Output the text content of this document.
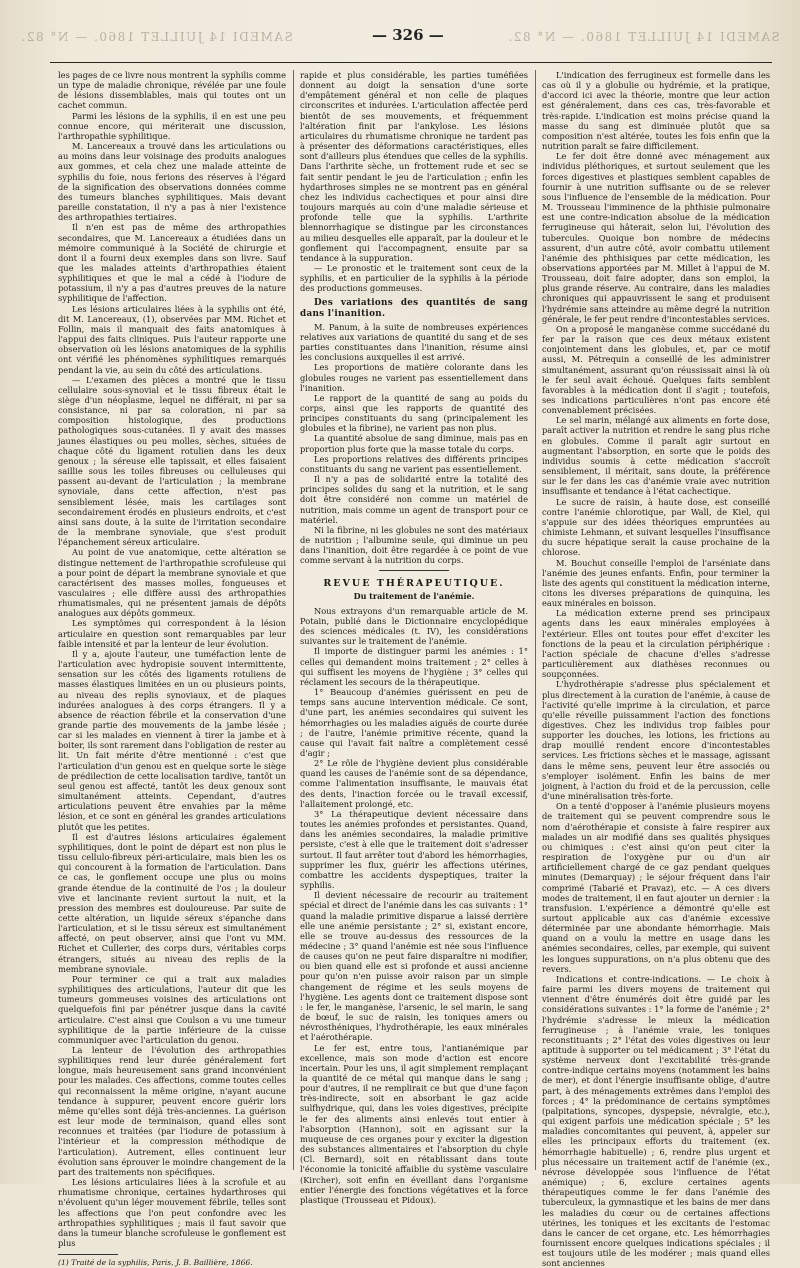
SAMEDI 14 JUILLET 1860. — N° 82.	— 326 —	SAMEDI 14 JUILLET 1860. — N° 82.

les pages de ce livre nous montrent la syphilis comme un type de maladie chronique, révélée par une foule de lésions dissemblables, mais qui toutes ont un cachet commun.

Parmi les lésions de la syphilis, il en est une peu connue encore, qui mériterait une discussion, l'arthropathie syphilitique.

M. Lancereaux a trouvé dans les articulations ou au moins dans leur voisinage des produits analogues aux gommes, et cela chez une malade atteinte de syphilis du foie, nous ferions des réserves à l'égard de la signification des observations données comme des tumeurs blanches syphilitiques. Mais devant pareille constatation, il n'y a pas à nier l'existence des arthropathies tertiaires.

Il n'en est pas de même des arthropathies secondaires, que M. Lancereaux a étudiées dans un mémoire communiqué à la Société de chirurgie et dont il a fourni deux exemples dans son livre. Sauf que les malades atteints d'arthropathies étaient syphilitiques et que le mal a cédé à l'iodure de potassium, il n'y a pas d'autres preuves de la nature syphilitique de l'affection.

Les lésions articulaires liées à la syphilis ont été, dit M. Lancereaux, (1), observées par MM. Richet et Follin, mais il manquait des faits anatomiques à l'appui des faits cliniques. Puis l'auteur rapporte une observation où les lésions anatomiques de la syphilis ont vérifié les phénomènes syphilitiques remarqués pendant la vie, au sein du côté des articulations.

— L'examen des pièces a montré que le tissu cellulaire sous-synovial et le tissu fibreux était le siège d'un néoplasme, lequel ne différait, ni par sa consistance, ni par sa coloration, ni par sa composition histologique, des productions pathologiques sous-cutanées. Il y avait des masses jaunes élastiques ou peu molles, sèches, situées de chaque côté du ligament rotulien dans les deux genoux ; la séreuse elle tapissait, et elles faisaient saillie sous les toiles fibreuses ou celluleuses qui passent au-devant de l'articulation ; la membrane synoviale, dans cette affection, n'est pas sensiblement lésée, mais les cartilages sont secondairement érodés en plusieurs endroits, et c'est ainsi sans doute, à la suite de l'irritation secondaire de la membrane synoviale, que s'est produit l'épanchement séreux articulaire.

Au point de vue anatomique, cette altération se distingue nettement de l'arthropathie scrofuleuse qui a pour point de départ la membrane synoviale et que caractérisent des masses molles, fongueuses et vasculaires ; elle diffère aussi des arthropathies rhumatismales, qui ne présentent jamais de dépôts analogues aux dépôts gommeux.

Les symptômes qui correspondent à la lésion articulaire en question sont remarquables par leur faible intensité et par la lenteur de leur évolution.

Il y a, ajoute l'auteur, une tuméfaction lente de l'articulation avec hydropisie souvent intermittente, sensation sur les côtés des ligaments rotuliens de masses élastiques limitées en un ou plusieurs points, au niveau des replis synoviaux, et de plaques indurées analogues à des corps étrangers. Il y a absence de réaction fébrile et la conservation d'une grande partie des mouvements de la jambe lésée ; car si les malades en viennent à tirer la jambe et à boiter, ils sont rarement dans l'obligation de rester au lit. Un fait mérite d'être mentionné : c'est que l'articulation d'un genou est en quelque sorte le siège de prédilection de cette localisation tardive, tantôt un seul genou est affecté, tantôt les deux genoux sont simultanément atteints. Cependant, d'autres articulations peuvent être envahies par la même lésion, et ce sont en général les grandes articulations plutôt que les petites.

Il est d'autres lésions articulaires également syphilitiques, dont le point de départ est non plus le tissu cellulo-fibreux péri-articulaire, mais bien les os qui concourent à la formation de l'articulation. Dans ce cas, le gonflement occupe une plus ou moins grande étendue de la continuité de l'os ; la douleur vive et lancinante revient surtout la nuit, et la pression des membres est douloureuse. Par suite de cette altération, un liquide séreux s'épanche dans l'articulation, et si le tissu séreux est simultanément affecté, on peut observer, ainsi que l'ont vu MM. Richet et Cullerier, des corps durs, véritables corps étrangers, situés au niveau des replis de la membrane synoviale.

Pour terminer ce qui a trait aux maladies syphilitiques des articulations, l'auteur dit que les tumeurs gommeuses voisines des articulations ont quelquefois fini par pénétrer jusque dans la cavité articulaire. C'est ainsi que Coulson a vu une tumeur syphilitique de la partie inférieure de la cuisse communiquer avec l'articulation du genou.

La lenteur de l'évolution des arthropathies syphilitiques rend leur durée généralement fort longue, mais heureusement sans grand inconvénient pour les malades. Ces affections, comme toutes celles qui reconnaissent la même origine, n'ayant aucune tendance à suppurer, peuvent encore guérir lors même qu'elles sont déjà très-anciennes. La guérison est leur mode de terminaison, quand elles sont reconnues et traitées (par l'iodure de potassium à l'intérieur et la compression méthodique de l'articulation). Autrement, elles continuent leur évolution sans éprouver le moindre changement de la part des traitements non spécifiques.

Les lésions articulaires liées à la scrofule et au rhumatisme chronique, certaines hydarthroses qui n'évoluent qu'un léger mouvement fébrile, telles sont les affections que l'on peut confondre avec les arthropathies syphilitiques ; mais il faut savoir que dans la tumeur blanche scrofuleuse le gonflement est plus

(1) Traité de la syphilis, Paris, J. B. Baillière, 1866.

rapide et plus considérable, les parties tuméfiées donnent au doigt la sensation d'une sorte d'empâtement général et non celle de plaques circonscrites et indurées. L'articulation affectée perd bientôt de ses mouvements, et fréquemment l'altération finit par l'ankylose. Les lésions articulaires du rhumatisme chronique ne tardent pas à présenter des déformations caractéristiques, elles sont d'ailleurs plus étendues que celles de la syphilis. Dans l'arthrite sèche, un frottement rude et sec se fait sentir pendant le jeu de l'articulation ; enfin les hydarthroses simples ne se montrent pas en général chez les individus cachectiques et pour ainsi dire toujours marqués au coin d'une maladie sérieuse et profonde telle que la syphilis. L'arthrite blennorrhagique se distingue par les circonstances au milieu desquelles elle apparaît, par la douleur et le gonflement qui l'accompagnent, ensuite par sa tendance à la suppuration.

— Le pronostic et le traitement sont ceux de la syphilis, et en particulier de la syphilis à la période des productions gommeuses.

Des variations des quantités de sang dans l'inanition.

M. Panum, à la suite de nombreuses expériences relatives aux variations de quantité du sang et de ses parties constituantes dans l'inanition, résume ainsi les conclusions auxquelles il est arrivé.

Les proportions de matière colorante dans les globules rouges ne varient pas essentiellement dans l'inanition.

Le rapport de la quantité de sang au poids du corps, ainsi que les rapports de quantité des principes constituants du sang (principalement les globules et la fibrine), ne varient pas non plus.

La quantité absolue de sang diminue, mais pas en proportion plus forte que la masse totale du corps.

Les proportions relatives des différents principes constituants du sang ne varient pas essentiellement.

Il n'y a pas de solidarité entre la totalité des principes solides du sang et la nutrition, et le sang doit être considéré non comme un matériel de nutrition, mais comme un agent de transport pour ce matériel.

Ni la fibrine, ni les globules ne sont des matériaux de nutrition ; l'albumine seule, qui diminue un peu dans l'inanition, doit être regardée à ce point de vue comme servant à la nutrition du corps.

REVUE THÉRAPEUTIQUE.
Du traitement de l'anémie.

Nous extrayons d'un remarquable article de M. Potain, publié dans le Dictionnaire encyclopédique des sciences médicales (t. IV), les considérations suivantes sur le traitement de l'anémie.

Il importe de distinguer parmi les anémies : 1° celles qui demandent moins traitement ; 2° celles à qui suffisent les moyens de l'hygiène ; 3° celles qui réclament les secours de la thérapeutique.

1° Beaucoup d'anémies guérissent en peu de temps sans aucune intervention médicale. Ce sont, d'une part, les anémies secondaires qui suivent les hémorrhagies ou les maladies aiguës de courte durée ; de l'autre, l'anémie primitive récente, quand la cause qui l'avait fait naître a complètement cessé d'agir ;

2° Le rôle de l'hygiène devient plus considérable quand les causes de l'anémie sont de sa dépendance, comme l'alimentation insuffisante, le mauvais état des dents, l'inaction forcée ou le travail excessif, l'allaitement prolongé, etc.

3° La thérapeutique devient nécessaire dans toutes les anémies profondes et persistantes. Quand, dans les anémies secondaires, la maladie primitive persiste, c'est à elle que le traitement doit s'adresser surtout. Il faut arrêter tout d'abord les hémorrhagies, supprimer les flux, guérir les affections utérines, combattre les accidents dyspeptiques, traiter la syphilis.

Il devient nécessaire de recourir au traitement spécial et direct de l'anémie dans les cas suivants : 1° quand la maladie primitive disparue a laissé derrière elle une anémie persistante ; 2° si, existant encore, elle se trouve au-dessus des ressources de la médecine ; 3° quand l'anémie est née sous l'influence de causes qu'on ne peut faire disparaître ni modifier, ou bien quand elle est si profonde et aussi ancienne pour qu'on n'en puisse avoir raison par un simple changement de régime et les seuls moyens de l'hygiène. Les agents dont ce traitement dispose sont : le fer, le manganèse, l'arsenic, le sel marin, le sang de bœuf, le suc de raisin, les toniques amers ou névrosthéniques, l'hydrothérapie, les eaux minérales et l'aérothérapie.

Le fer est, entre tous, l'antianémique par excellence, mais son mode d'action est encore incertain. Pour les uns, il agit simplement remplaçant la quantité de ce métal qui manque dans le sang ; pour d'autres, il ne remplirait ce but que d'une façon très-indirecte, soit en absorbant le gaz acide sulfhydrique, qui, dans les voies digestives, précipite le fer des aliments ainsi enlevés tout entier à l'absorption (Hannon), soit en agissant sur la muqueuse de ces organes pour y exciter la digestion des substances alimentaires et l'absorption du chyle (Cl. Bernard), soit en rétablissant dans toute l'économie la tonicité affaiblie du système vasculaire (Kircher), soit enfin en éveillant dans l'organisme entier l'énergie des fonctions végétatives et la force plastique (Trousseau et Pidoux).

L'indication des ferrugineux est formelle dans les cas où il y a globulie ou hydrémie, et la pratique, d'accord ici avec la théorie, montre que leur action est généralement, dans ces cas, très-favorable et très-rapide. L'indication est moins précise quand la masse du sang est diminuée plutôt que sa composition n'est altérée, toutes les fois enfin que la nutrition paraît se faire difficilement.

Le fer doit être donné avec ménagement aux individus pléthoriques, et surtout seulement que les forces digestives et plastiques semblent capables de fournir à une nutrition suffisante ou de se relever sous l'influence de l'ensemble de la médication. Pour M. Trousseau l'imminence de la phthisie pulmonaire est une contre-indication absolue de la médication ferrugineuse qui hâterait, selon lui, l'évolution des tubercules. Quoique bon nombre de médecins assurent, d'un autre côté, avoir combattu utilement l'anémie des phthisiques par cette médication, les observations apportées par M. Millet à l'appui de M. Trousseau, doit faire adopter, dans son emploi, la plus grande réserve. Au contraire, dans les maladies chroniques qui appauvrissent le sang et produisent l'hydrémie sans atteindre au même degré la nutrition générale, le fer peut rendre d'incontestables services.

On a proposé le manganèse comme succédané du fer par la raison que ces deux métaux existent conjointement dans les globules, et, par ce motif aussi, M. Pétrequin a conseillé de les administrer simultanément, assurant qu'on réussissait ainsi là où le fer seul avait échoué. Quelques faits semblent favorables à la médication dont il s'agit ; toutefois, ses indications particulières n'ont pas encore été convenablement précisées.

Le sel marin, mélangé aux aliments en forte dose, paraît activer la nutrition et rendre le sang plus riche en globules. Comme il paraît agir surtout en augmentant l'absorption, en sorte que le poids des individus soumis à cette médication s'accroît sensiblement, il méritait, sans doute, la préférence sur le fer dans les cas d'anémie vraie avec nutrition insuffisante et tendance à l'état cachectique.

Le sucre de raisin, à haute dose, est conseillé contre l'anémie chlorotique, par Wall, de Kiel, qui s'appuie sur des idées théoriques empruntées au chimiste Lehmann, et suivant lesquelles l'insuffisance du sucre hépatique serait la cause prochaine de la chlorose.

M. Bouchut conseille l'emploi de l'arséniate dans l'anémie des jeunes enfants. Enfin, pour terminer la liste des agents qui constituent la médication interne, citons les diverses préparations de quinquina, les eaux minérales en boisson.

La médication externe prend ses principaux agents dans les eaux minérales employées à l'extérieur. Elles ont toutes pour effet d'exciter les fonctions de la peau et la circulation périphérique : l'action spéciale de chacune d'elles s'adresse particulièrement aux diathèses reconnues ou soupçonnées.

L'hydrothérapie s'adresse plus spécialement et plus directement à la curation de l'anémie, à cause de l'activité qu'elle imprime à la circulation, et parce qu'elle réveille puissamment l'action des fonctions digestives. Chez les individus trop faibles pour supporter les douches, les lotions, les frictions au drap mouillé rendent encore d'incontestables services. Les frictions sèches et le massage, agissant dans le même sens, peuvent leur être associés ou s'employer isolément. Enfin les bains de mer joignent, à l'action du froid et de la percussion, celle d'une minéralisation très-forte.

On a tenté d'opposer à l'anémie plusieurs moyens de traitement qui se peuvent comprendre sous le nom d'aérothérapie et consiste à faire respirer aux malades un air modifié dans ses qualités physiques ou chimiques : c'est ainsi qu'on peut citer la respiration de l'oxygène pur ou d'un air artificiellement chargé de ce gaz pendant quelques minutes (Demarquay) ; le séjour fréquent dans l'air comprimé (Tabarié et Pravaz), etc. — A ces divers modes de traitement, il en faut ajouter un dernier : la transfusion. L'expérience a démontré qu'elle est surtout applicable aux cas d'anémie excessive déterminée par une abondante hémorrhagie. Mais quand on a voulu la mettre en usage dans les anémies secondaires, celles, par exemple, qui suivent les longues suppurations, on n'a plus obtenu que des revers.

Indications et contre-indications. — Le choix à faire parmi les divers moyens de traitement qui viennent d'être énumérés doit être guidé par les considérations suivantes : 1° la forme de l'anémie ; 2° l'hydrémie s'adresse le mieux la médication ferrugineuse ; à l'anémie vraie, les toniques reconstituants ; 2° l'état des voies digestives ou leur aptitude à supporter ou tel médicament ; 3° l'état du système nerveux dont l'excitabilité très-grande contre-indique certains moyens (notamment les bains de mer), et dont l'énergie insuffisante oblige, d'autre part, à des ménagements extrêmes dans l'emploi des forces ; 4° la prédominance de certains symptômes (palpitations, syncopes, dyspepsie, névralgie, etc.), qui exigent parfois une médication spéciale ; 5° les maladies concomitantes qui peuvent, à, appeler sur elles les principaux efforts du traitement (ex. hémorrhagie habituelle) ; 6, rendre plus urgent et plus nécessaire un traitement actif de l'anémie (ex., névrose développée sous l'influence de l'état anémique) ; 6, exclure certaines agents thérapeutiques comme le fer dans l'anémie des tuberculeux, la gymnastique et les bains de mer dans les maladies du cœur ou de certaines affections utérines, les toniques et les excitants de l'estomac dans le cancer de cet organe, etc. Les hémorrhagies fournissent encore quelques indications spéciales ; il est toujours utile de les modérer ; mais quand elles sont anciennes
